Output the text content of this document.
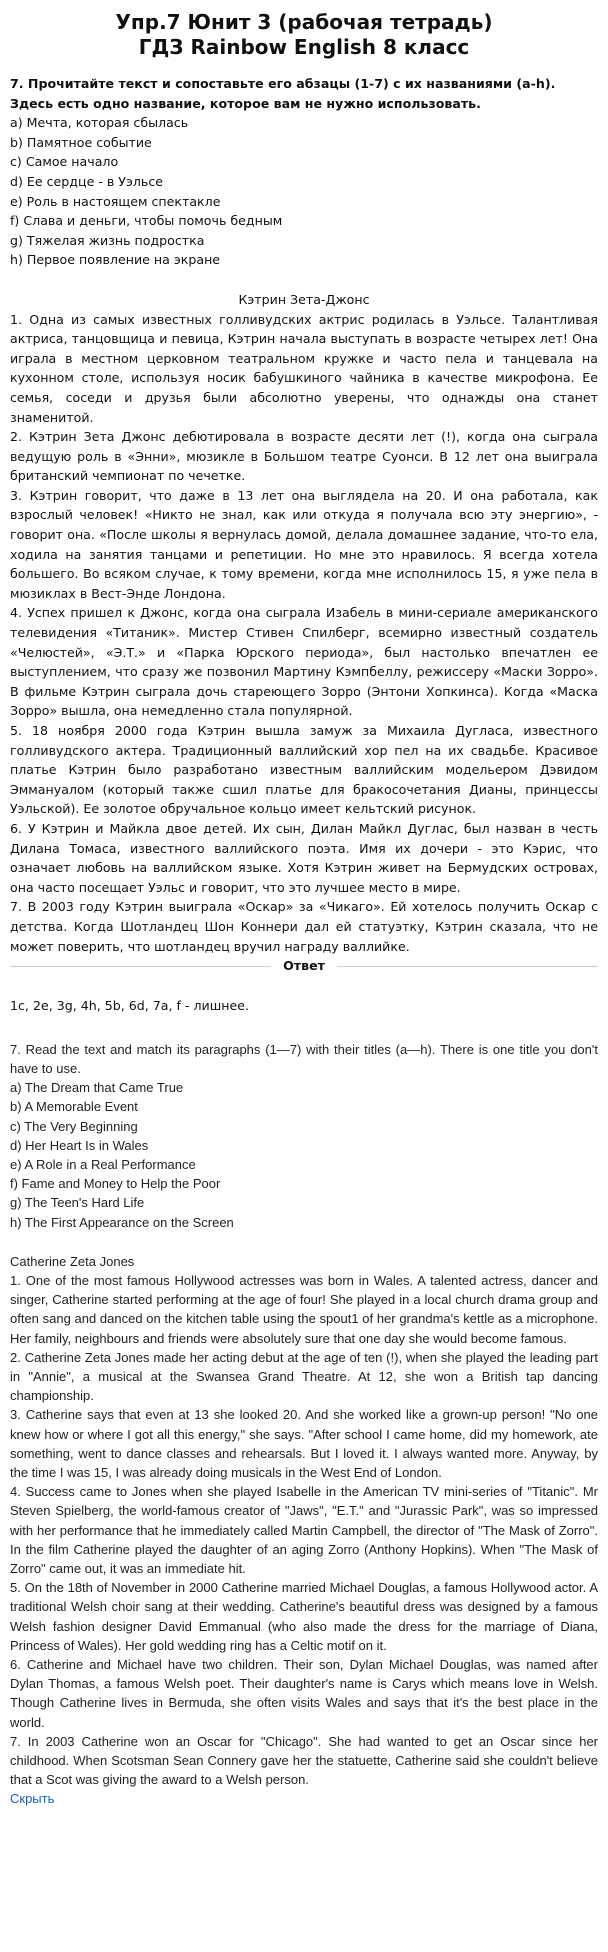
Упр.7 Юнит 3 (рабочая тетрадь)
ГДЗ Rainbow English 8 класс

7. Прочитайте текст и сопоставьте его абзацы (1-7) с их названиями (a-h). Здесь есть одно название, которое вам не нужно использовать.

a) Мечта, которая сбылась

b) Памятное событие

c) Самое начало

d) Ее сердце - в Уэльсе

e) Роль в настоящем спектакле

f) Слава и деньги, чтобы помочь бедным

g) Тяжелая жизнь подростка

h) Первое появление на экране

Кэтрин Зета-Джонс

1. Одна из самых известных голливудских актрис родилась в Уэльсе. Талантливая актриса, танцовщица и певица, Кэтрин начала выступать в возрасте четырех лет! Она играла в местном церковном театральном кружке и часто пела и танцевала на кухонном столе, используя носик бабушкиного чайника в качестве микрофона. Ее семья, соседи и друзья были абсолютно уверены, что однажды она станет знаменитой.

2. Кэтрин Зета Джонс дебютировала в возрасте десяти лет (!), когда она сыграла ведущую роль в «Энни», мюзикле в Большом театре Суонси. В 12 лет она выиграла британский чемпионат по чечетке.

3. Кэтрин говорит, что даже в 13 лет она выглядела на 20. И она работала, как взрослый человек! «Никто не знал, как или откуда я получала всю эту энергию», - говорит она. «После школы я вернулась домой, делала домашнее задание, что-то ела, ходила на занятия танцами и репетиции. Но мне это нравилось. Я всегда хотела большего. Во всяком случае, к тому времени, когда мне исполнилось 15, я уже пела в мюзиклах в Вест-Энде Лондона.

4. Успех пришел к Джонс, когда она сыграла Изабель в мини-сериале американского телевидения «Титаник». Мистер Стивен Спилберг, всемирно известный создатель «Челюстей», «Э.Т.» и «Парка Юрского периода», был настолько впечатлен ее выступлением, что сразу же позвонил Мартину Кэмпбеллу, режиссеру «Маски Зорро». В фильме Кэтрин сыграла дочь стареющего Зорро (Энтони Хопкинса). Когда «Маска Зорро» вышла, она немедленно стала популярной.

5. 18 ноября 2000 года Кэтрин вышла замуж за Михаила Дугласа, известного голливудского актера. Традиционный валлийский хор пел на их свадьбе. Красивое платье Кэтрин было разработано известным валлийским модельером Дэвидом Эммануалом (который также сшил платье для бракосочетания Дианы, принцессы Уэльской). Ее золотое обручальное кольцо имеет кельтский рисунок.

6. У Кэтрин и Майкла двое детей. Их сын, Дилан Майкл Дуглас, был назван в честь Дилана Томаса, известного валлийского поэта. Имя их дочери - это Кэрис, что означает любовь на валлийском языке. Хотя Кэтрин живет на Бермудских островах, она часто посещает Уэльс и говорит, что это лучшее место в мире.

7. В 2003 году Кэтрин выиграла «Оскар» за «Чикаго». Ей хотелось получить Оскар с детства. Когда Шотландец Шон Коннери дал ей статуэтку, Кэтрин сказала, что не может поверить, что шотландец вручил награду валлийке.

Ответ

1c, 2e, 3g, 4h, 5b, 6d, 7a, f - лишнее.

7. Read the text and match its paragraphs (1—7) with their titles (a—h). There is one title you don't have to use.

a) The Dream that Came True

b) A Memorable Event

c) The Very Beginning

d) Her Heart Is in Wales

e) A Role in a Real Performance

f) Fame and Money to Help the Poor

g) The Teen's Hard Life

h) The First Appearance on the Screen

Catherine Zeta Jones

1. One of the most famous Hollywood actresses was born in Wales. A talented actress, dancer and singer, Catherine started performing at the age of four! She played in a local church drama group and often sang and danced on the kitchen table using the spout1 of her grandma's kettle as a microphone. Her family, neighbours and friends were absolutely sure that one day she would become famous.

2. Catherine Zeta Jones made her acting debut at the age of ten (!), when she played the leading part in "Annie", a musical at the Swansea Grand Theatre. At 12, she won a British tap dancing championship.

3. Catherine says that even at 13 she looked 20. And she worked like a grown-up person! "No one knew how or where I got all this energy," she says. "After school I came home, did my homework, ate something, went to dance classes and rehearsals. But I loved it. I always wanted more. Anyway, by the time I was 15, I was already doing musicals in the West End of London.

4. Success came to Jones when she played Isabelle in the American TV mini-series of "Titanic". Mr Steven Spielberg, the world-famous creator of "Jaws", "E.T." and "Jurassic Park", was so impressed with her performance that he immediately called Martin Campbell, the director of "The Mask of Zorro". In the film Catherine played the daughter of an aging Zorro (Anthony Hopkins). When "The Mask of Zorro" came out, it was an immediate hit.

5. On the 18th of November in 2000 Catherine married Michael Douglas, a famous Hollywood actor. A traditional Welsh choir sang at their wedding. Catherine's beautiful dress was designed by a famous Welsh fashion designer David Emmanual (who also made the dress for the marriage of Diana, Princess of Wales). Her gold wedding ring has a Celtic motif on it.

6. Catherine and Michael have two children. Their son, Dylan Michael Douglas, was named after Dylan Thomas, a famous Welsh poet. Their daughter's name is Carys which means love in Welsh. Though Catherine lives in Bermuda, she often visits Wales and says that it's the best place in the world.

7. In 2003 Catherine won an Oscar for "Chicago". She had wanted to get an Oscar since her childhood. When Scotsman Sean Connery gave her the statuette, Catherine said she couldn't believe that a Scot was giving the award to a Welsh person.

Скрыть
